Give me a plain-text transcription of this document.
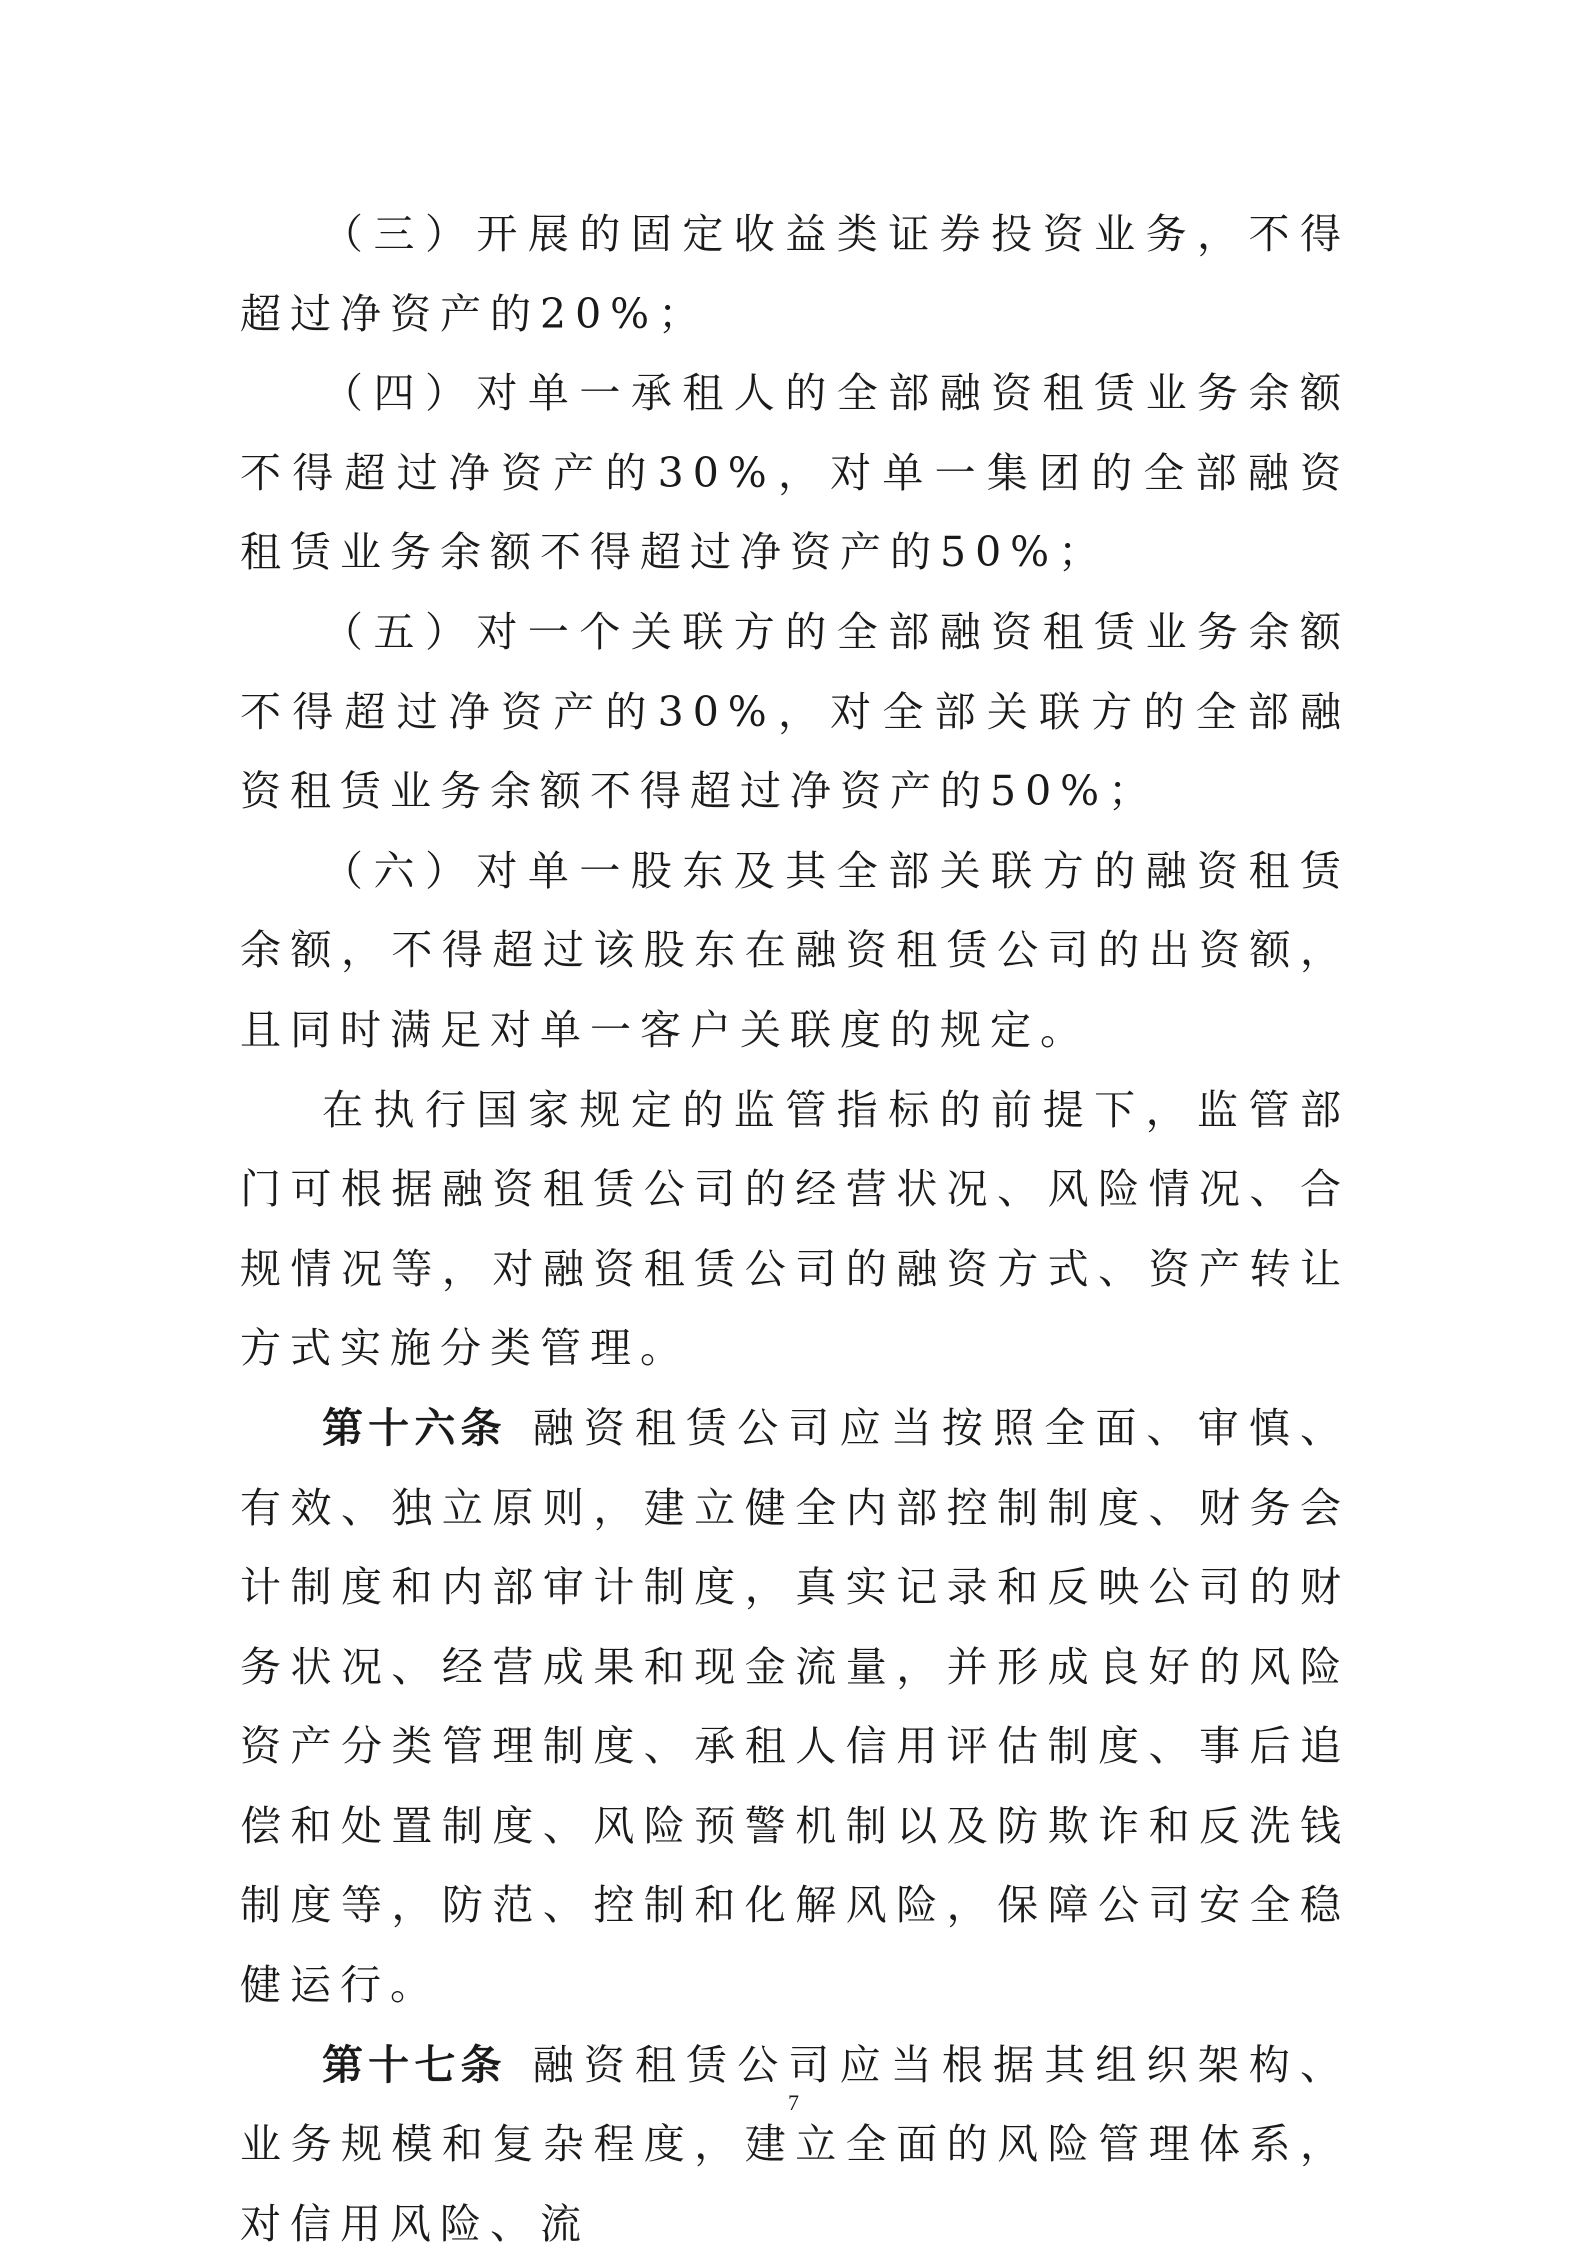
（三）开展的固定收益类证券投资业务，不得超过净资产的20%；

（四）对单一承租人的全部融资租赁业务余额不得超过净资产的30%，对单一集团的全部融资租赁业务余额不得超过净资产的50%；

（五）对一个关联方的全部融资租赁业务余额不得超过净资产的30%，对全部关联方的全部融资租赁业务余额不得超过净资产的50%；

（六）对单一股东及其全部关联方的融资租赁余额，不得超过该股东在融资租赁公司的出资额，且同时满足对单一客户关联度的规定。

在执行国家规定的监管指标的前提下，监管部门可根据融资租赁公司的经营状况、风险情况、合规情况等，对融资租赁公司的融资方式、资产转让方式实施分类管理。

第十六条 融资租赁公司应当按照全面、审慎、有效、独立原则，建立健全内部控制制度、财务会计制度和内部审计制度，真实记录和反映公司的财务状况、经营成果和现金流量，并形成良好的风险资产分类管理制度、承租人信用评估制度、事后追偿和处置制度、风险预警机制以及防欺诈和反洗钱制度等，防范、控制和化解风险，保障公司安全稳健运行。

第十七条 融资租赁公司应当根据其组织架构、业务规模和复杂程度，建立全面的风险管理体系，对信用风险、流

7
